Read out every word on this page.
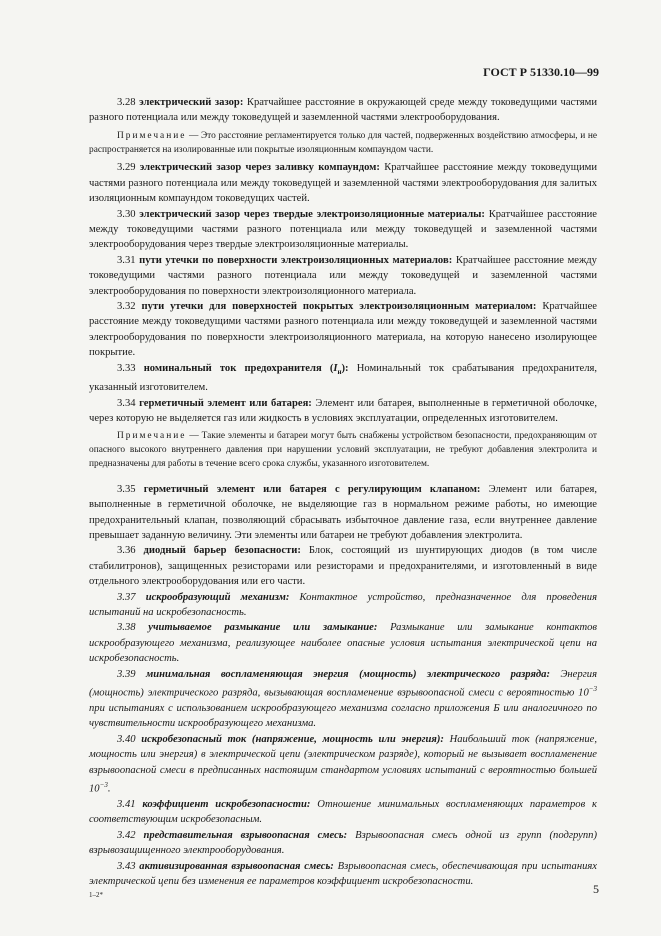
ГОСТ Р 51330.10—99

3.28 электрический зазор: Кратчайшее расстояние в окружающей среде между токоведущими частями разного потенциала или между токоведущей и заземленной частями электрооборудования.

Примечание — Это расстояние регламентируется только для частей, подверженных воздействию атмосферы, и не распространяется на изолированные или покрытые изоляционным компаундом части.

3.29 электрический зазор через заливку компаундом: Кратчайшее расстояние между токоведущими частями разного потенциала или между токоведущей и заземленной частями электрооборудования для залитых изоляционным компаундом токоведущих частей.

3.30 электрический зазор через твердые электроизоляционные материалы: Кратчайшее расстояние между токоведущими частями разного потенциала или между токоведущей и заземленной частями электрооборудования через твердые электроизоляционные материалы.

3.31 пути утечки по поверхности электроизоляционных материалов: Кратчайшее расстояние между токоведущими частями разного потенциала или между токоведущей и заземленной частями электрооборудования по поверхности электроизоляционного материала.

3.32 пути утечки для поверхностей покрытых электроизоляционным материалом: Кратчайшее расстояние между токоведущими частями разного потенциала или между токоведущей и заземленной частями электрооборудования по поверхности электроизоляционного материала, на которую нанесено изолирующее покрытие.

3.33 номинальный ток предохранителя $(I_н)$: Номинальный ток срабатывания предохранителя, указанный изготовителем.

3.34 герметичный элемент или батарея: Элемент или батарея, выполненные в герметичной оболочке, через которую не выделяется газ или жидкость в условиях эксплуатации, определенных изготовителем.

Примечание — Такие элементы и батареи могут быть снабжены устройством безопасности, предохраняющим от опасного высокого внутреннего давления при нарушении условий эксплуатации, не требуют добавления электролита и предназначены для работы в течение всего срока службы, указанного изготовителем.

3.35 герметичный элемент или батарея с регулирующим клапаном: Элемент или батарея, выполненные в герметичной оболочке, не выделяющие газ в нормальном режиме работы, но имеющие предохранительный клапан, позволяющий сбрасывать избыточное давление газа, если внутреннее давление превышает заданную величину. Эти элементы или батареи не требуют добавления электролита.

3.36 диодный барьер безопасности: Блок, состоящий из шунтирующих диодов (в том числе стабилитронов), защищенных резисторами или резисторами и предохранителями, и изготовленный в виде отдельного электрооборудования или его части.

3.37 искрообразующий механизм: Контактное устройство, предназначенное для проведения испытаний на искробезопасность.

3.38 учитываемое размыкание или замыкание: Размыкание или замыкание контактов искрообразующего механизма, реализующее наиболее опасные условия испытания электрической цепи на искробезопасность.

3.39 минимальная воспламеняющая энергия (мощность) электрического разряда: Энергия (мощность) электрического разряда, вызывающая воспламенение взрывоопасной смеси с вероятностью $10^{-3}$ при испытаниях с использованием искрообразующего механизма согласно приложения Б или аналогичного по чувствительности искрообразующего механизма.

3.40 искробезопасный ток (напряжение, мощность или энергия): Наибольший ток (напряжение, мощность или энергия) в электрической цепи (электрическом разряде), который не вызывает воспламенение взрывоопасной смеси в предписанных настоящим стандартом условиях испытаний с вероятностью большей $10^{-3}$.

3.41 коэффициент искробезопасности: Отношение минимальных воспламеняющих параметров к соответствующим искробезопасным.

3.42 представительная взрывоопасная смесь: Взрывоопасная смесь одной из групп (подгрупп) взрывозащищенного электрооборудования.

3.43 активизированная взрывоопасная смесь: Взрывоопасная смесь, обеспечивающая при испытаниях электрической цепи без изменения ее параметров коэффициент искробезопасности.

1–2*	5
